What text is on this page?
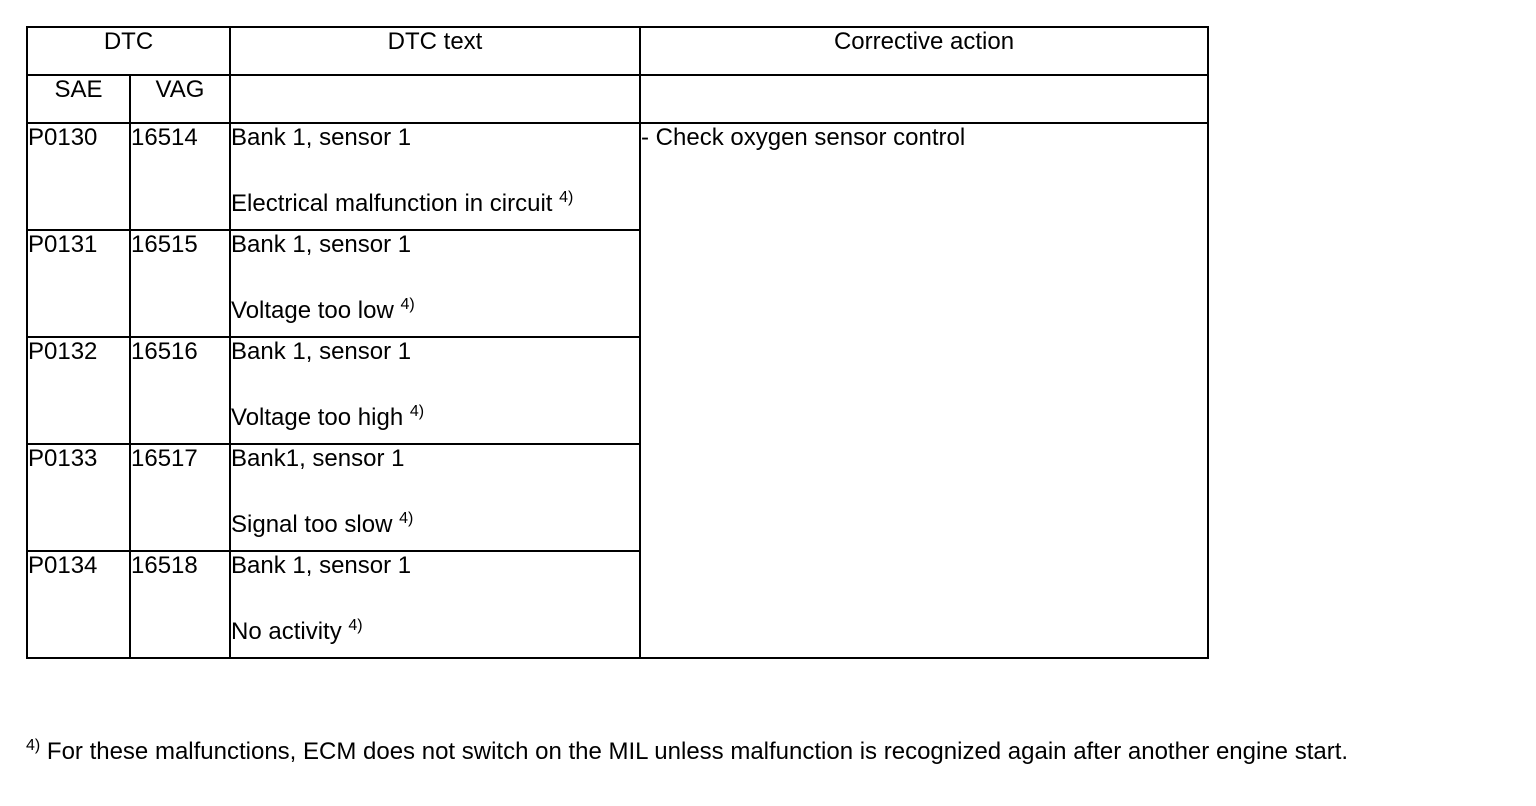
DTC		DTC text	Corrective action
SAE	VAG		
P0130	16514	Bank 1, sensor 1
Electrical malfunction in circuit $^{4)}$	- Check oxygen sensor control
P0131	16515	Bank 1, sensor 1
Voltage too low $^{4)}$

P0132	16516	Bank 1, sensor 1
Voltage too high $^{4)}$

P0133	16517	Bank1, sensor 1
Signal too slow $^{4)}$

P0134	16518	Bank 1, sensor 1
No activity $^{4)}$
$^{4)}$ For these malfunctions, ECM does not switch on the MIL unless malfunction is recognized again after another engine start.
